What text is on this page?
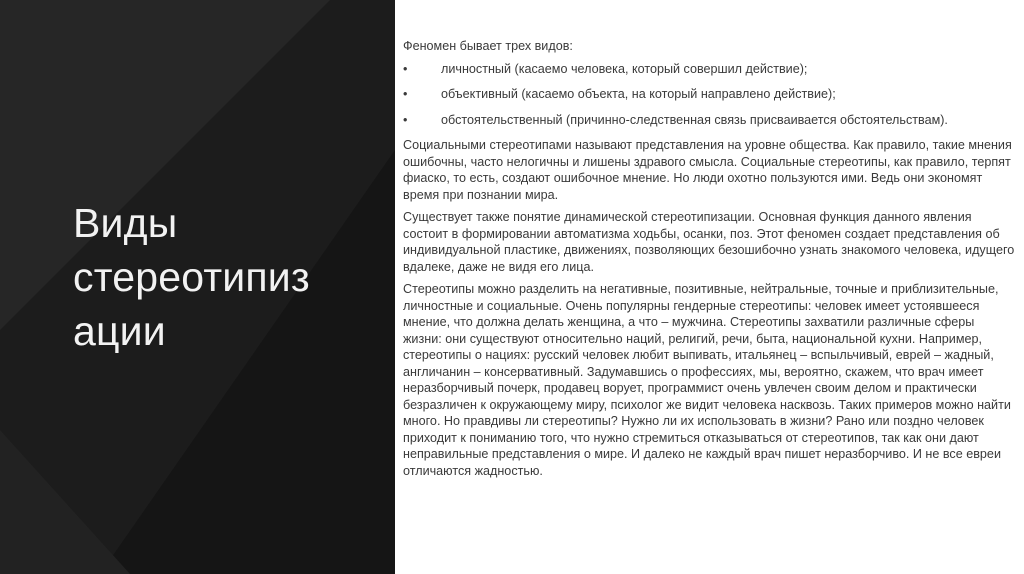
Виды
стереотипиз
ации

Феномен бывает трех видов:

•	личностный (касаемо человека, который совершил действие);
•	объективный (касаемо объекта, на который направлено действие);
•	обстоятельственный (причинно-следственная связь присваивается обстоятельствам).

Социальными стереотипами называют представления на уровне общества. Как правило, такие мнения ошибочны, часто нелогичны и лишены здравого смысла. Социальные стереотипы, как правило, терпят фиаско, то есть, создают ошибочное мнение. Но люди охотно пользуются ими. Ведь они экономят время при познании мира.

Существует также понятие динамической стереотипизации. Основная функция данного явления состоит в формировании автоматизма ходьбы, осанки, поз. Этот феномен создает представления об индивидуальной пластике, движениях, позволяющих безошибочно узнать знакомого человека, идущего вдалеке, даже не видя его лица.

Стереотипы можно разделить на негативные, позитивные, нейтральные, точные и приблизительные, личностные и социальные. Очень популярны гендерные стереотипы: человек имеет устоявшееся мнение, что должна делать женщина, а что – мужчина. Стереотипы захватили различные сферы жизни: они существуют относительно наций, религий, речи, быта, национальной кухни. Например, стереотипы о нациях: русский человек любит выпивать, итальянец – вспыльчивый, еврей – жадный, англичанин – консервативный. Задумавшись о профессиях, мы, вероятно, скажем, что врач имеет неразборчивый почерк, продавец ворует, программист очень увлечен своим делом и практически безразличен к окружающему миру, психолог же видит человека насквозь. Таких примеров можно найти много. Но правдивы ли стереотипы? Нужно ли их использовать в жизни? Рано или поздно человек приходит к пониманию того, что нужно стремиться отказываться от стереотипов, так как они дают неправильные представления о мире. И далеко не каждый врач пишет неразборчиво. И не все евреи отличаются жадностью.
